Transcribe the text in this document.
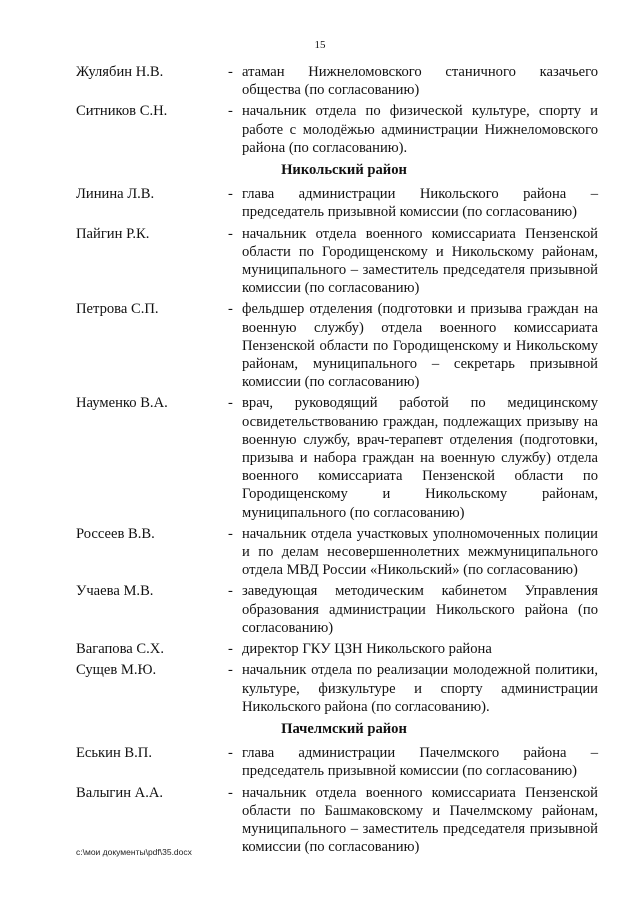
15
Жулябин Н.В.	- атаман Нижнеломовского станичного казачьего общества (по согласованию)
Ситников С.Н.	- начальник отдела по физической культуре, спорту и работе с молодёжью администрации Нижнеломовского района (по согласованию).
Никольский район
Линина Л.В.	- глава администрации Никольского района – председатель призывной комиссии (по согласованию)
Пайгин Р.К.	- начальник отдела военного комиссариата Пензенской области по Городищенскому и Никольскому районам, муниципального – заместитель председателя призывной комиссии (по согласованию)
Петрова С.П.	- фельдшер отделения (подготовки и призыва граждан на военную службу) отдела военного комиссариата Пензенской области по Городищенскому и Никольскому районам, муниципального – секретарь призывной комиссии (по согласованию)
Науменко В.А.	- врач, руководящий работой по медицинскому освидетельствованию граждан, подлежащих призыву на военную службу, врач-терапевт отделения (подготовки, призыва и набора граждан на военную службу) отдела военного комиссариата Пензенской области по Городищенскому и Никольскому районам, муниципального (по согласованию)
Россеев В.В.	- начальник отдела участковых уполномоченных полиции и по делам несовершеннолетних межмуниципального отдела МВД России «Никольский» (по согласованию)
Учаева М.В.	- заведующая методическим кабинетом Управления образования администрации Никольского района (по согласованию)
Вагапова С.Х.	- директор ГКУ ЦЗН Никольского района
Сущев М.Ю.	- начальник отдела по реализации молодежной политики, культуре, физкультуре и спорту администрации Никольского района (по согласованию).
Пачелмский район
Еськин В.П.	- глава администрации Пачелмского района – председатель призывной комиссии (по согласованию)
Валыгин А.А.	- начальник отдела военного комиссариата Пензенской области по Башмаковскому и Пачелмскому районам, муниципального – заместитель председателя призывной комиссии (по согласованию)
c:\мои документы\pdf\35.docx
